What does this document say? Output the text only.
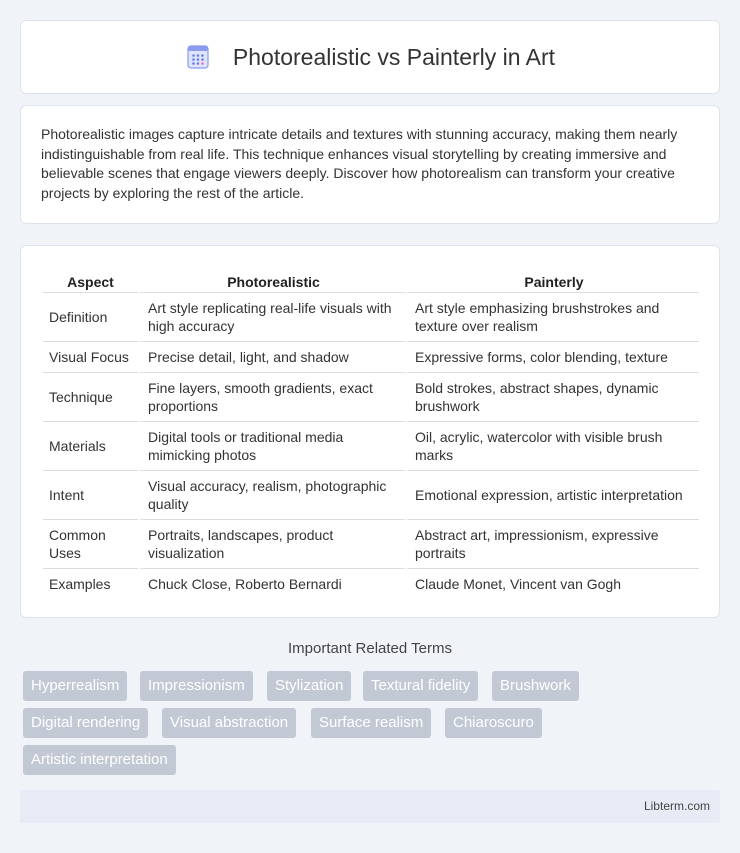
Photorealistic vs Painterly in Art

Photorealistic images capture intricate details and textures with stunning accuracy, making them nearly indistinguishable from real life. This technique enhances visual storytelling by creating immersive and believable scenes that engage viewers deeply. Discover how photorealism can transform your creative projects by exploring the rest of the article.

Aspect	Photorealistic	Painterly
Definition	Art style replicating real-life visuals with high accuracy	Art style emphasizing brushstrokes and texture over realism
Visual Focus	Precise detail, light, and shadow	Expressive forms, color blending, texture
Technique	Fine layers, smooth gradients, exact proportions	Bold strokes, abstract shapes, dynamic brushwork
Materials	Digital tools or traditional media mimicking photos	Oil, acrylic, watercolor with visible brush marks
Intent	Visual accuracy, realism, photographic quality	Emotional expression, artistic interpretation
Common Uses	Portraits, landscapes, product visualization	Abstract art, impressionism, expressive portraits
Examples	Chuck Close, Roberto Bernardi	Claude Monet, Vincent van Gogh
Important Related Terms
Hyperrealism	Impressionism	Stylization	Textural fidelity	Brushwork
Digital rendering	Visual abstraction	Surface realism	Chiaroscuro
Artistic interpretation
Libterm.com
